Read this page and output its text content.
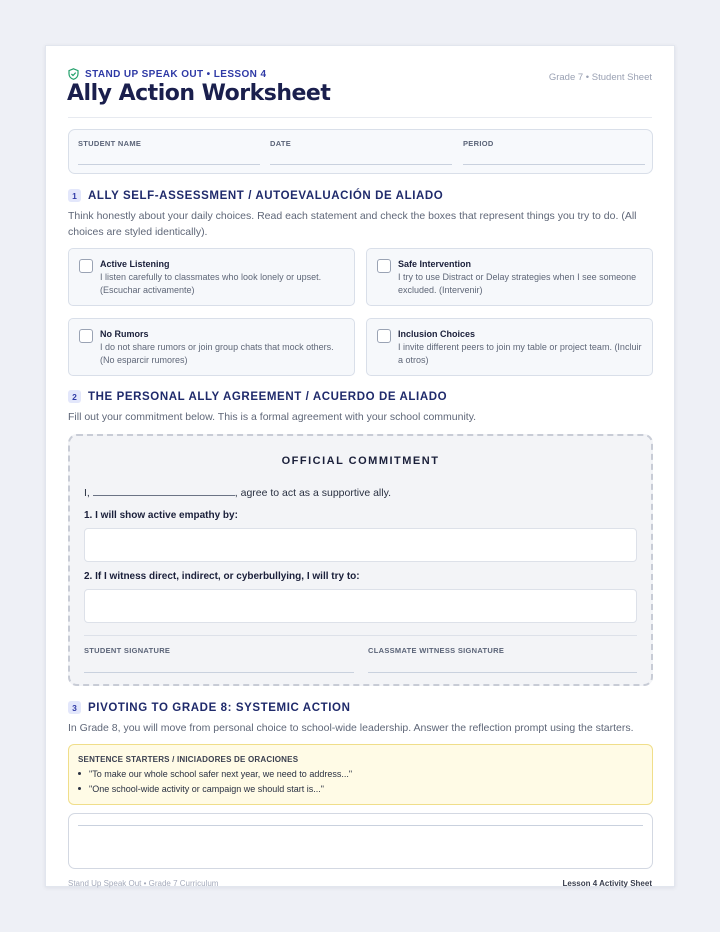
STAND UP SPEAK OUT • LESSON 4
Ally Action Worksheet
Grade 7 • Student Sheet
STUDENT NAME	DATE	PERIOD
1 ALLY SELF-ASSESSMENT / AUTOEVALUACIÓN DE ALIADO
Think honestly about your daily choices. Read each statement and check the boxes that represent things you try to do. (All choices are styled identically).
Active Listening
I listen carefully to classmates who look lonely or upset. (Escuchar activamente)
Safe Intervention
I try to use Distract or Delay strategies when I see someone excluded. (Intervenir)
No Rumors
I do not share rumors or join group chats that mock others. (No esparcir rumores)
Inclusion Choices
I invite different peers to join my table or project team. (Incluir a otros)
2 THE PERSONAL ALLY AGREEMENT / ACUERDO DE ALIADO
Fill out your commitment below. This is a formal agreement with your school community.
OFFICIAL COMMITMENT
I,	, agree to act as a supportive ally.
1. I will show active empathy by:
2. If I witness direct, indirect, or cyberbullying, I will try to:
STUDENT SIGNATURE	CLASSMATE WITNESS SIGNATURE
3 PIVOTING TO GRADE 8: SYSTEMIC ACTION
In Grade 8, you will move from personal choice to school-wide leadership. Answer the reflection prompt using the starters.
SENTENCE STARTERS / INICIADORES DE ORACIONES
"To make our whole school safer next year, we need to address..."
"One school-wide activity or campaign we should start is..."
Stand Up Speak Out • Grade 7 Curriculum	Lesson 4 Activity Sheet
